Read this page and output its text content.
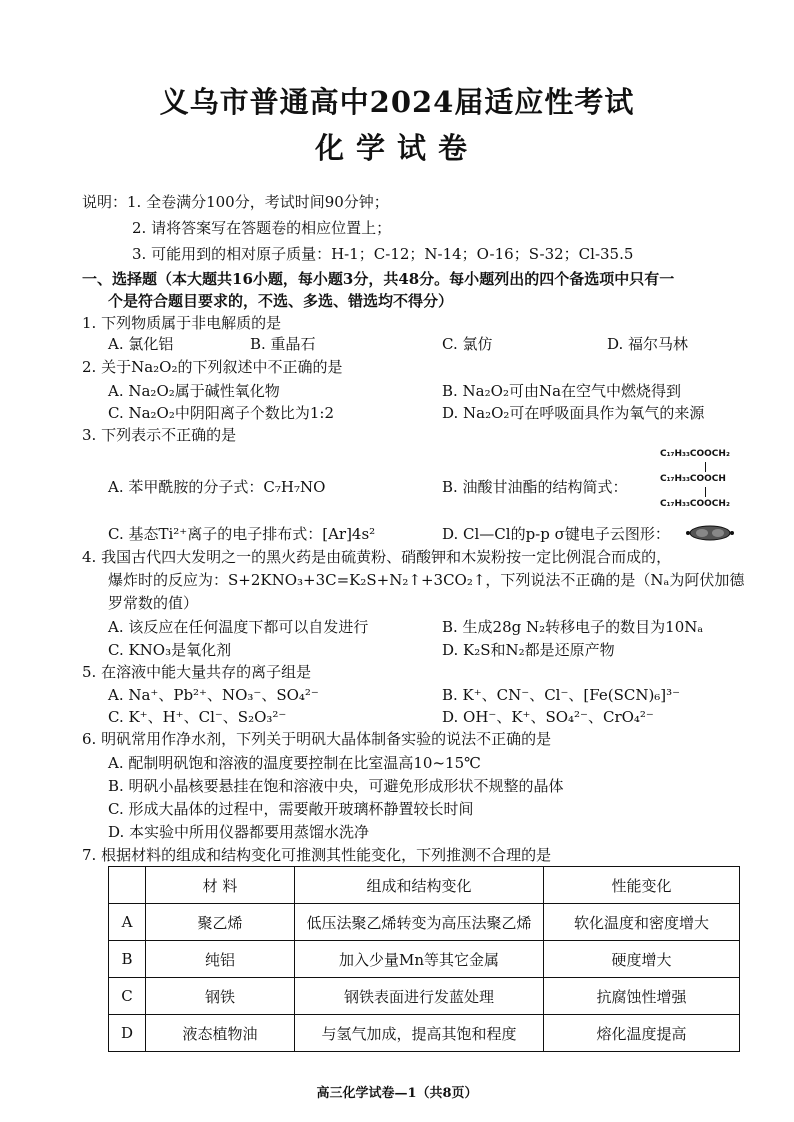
义乌市普通高中2024届适应性考试
化学试卷
说明：1. 全卷满分100分，考试时间90分钟；
2. 请将答案写在答题卷的相应位置上；
3. 可能用到的相对原子质量：H-1；C-12；N-14；O-16；S-32；Cl-35.5
一、选择题（本大题共16小题，每小题3分，共48分。每小题列出的四个备选项中只有一
个是符合题目要求的，不选、多选、错选均不得分）
1. 下列物质属于非电解质的是
A. 氯化铝	B. 重晶石	C. 氯仿	D. 福尔马林
2. 关于Na₂O₂的下列叙述中不正确的是
A. Na₂O₂属于碱性氧化物	B. Na₂O₂可由Na在空气中燃烧得到
C. Na₂O₂中阴阳离子个数比为1:2	D. Na₂O₂可在呼吸面具作为氧气的来源
3. 下列表示不正确的是
A. 苯甲酰胺的分子式：C₇H₇NO	B. 油酸甘油酯的结构简式：
C₁₇H₃₃COOCH₂
C₁₇H₃₃COOCH
C₁₇H₃₃COOCH₂
C. 基态Ti²⁺离子的电子排布式：[Ar]4s²	D. Cl—Cl的p-p σ键电子云图形：
4. 我国古代四大发明之一的黑火药是由硫黄粉、硝酸钾和木炭粉按一定比例混合而成的，
爆炸时的反应为：S+2KNO₃+3C=K₂S+N₂↑+3CO₂↑，下列说法不正确的是（Nₐ为阿伏加德
罗常数的值）
A. 该反应在任何温度下都可以自发进行	B. 生成28g N₂转移电子的数目为10Nₐ
C. KNO₃是氧化剂	D. K₂S和N₂都是还原产物
5. 在溶液中能大量共存的离子组是
A. Na⁺、Pb²⁺、NO₃⁻、SO₄²⁻	B. K⁺、CN⁻、Cl⁻、[Fe(SCN)₆]³⁻
C. K⁺、H⁺、Cl⁻、S₂O₃²⁻	D. OH⁻、K⁺、SO₄²⁻、CrO₄²⁻
6. 明矾常用作净水剂，下列关于明矾大晶体制备实验的说法不正确的是
A. 配制明矾饱和溶液的温度要控制在比室温高10~15℃
B. 明矾小晶核要悬挂在饱和溶液中央，可避免形成形状不规整的晶体
C. 形成大晶体的过程中，需要敞开玻璃杯静置较长时间
D. 本实验中所用仪器都要用蒸馏水洗净
7. 根据材料的组成和结构变化可推测其性能变化，下列推测不合理的是
	材 料	组成和结构变化	性能变化
A	聚乙烯	低压法聚乙烯转变为高压法聚乙烯	软化温度和密度增大
B	纯铝	加入少量Mn等其它金属	硬度增大
C	钢铁	钢铁表面进行发蓝处理	抗腐蚀性增强
D	液态植物油	与氢气加成，提高其饱和程度	熔化温度提高
高三化学试卷—1（共8页）
